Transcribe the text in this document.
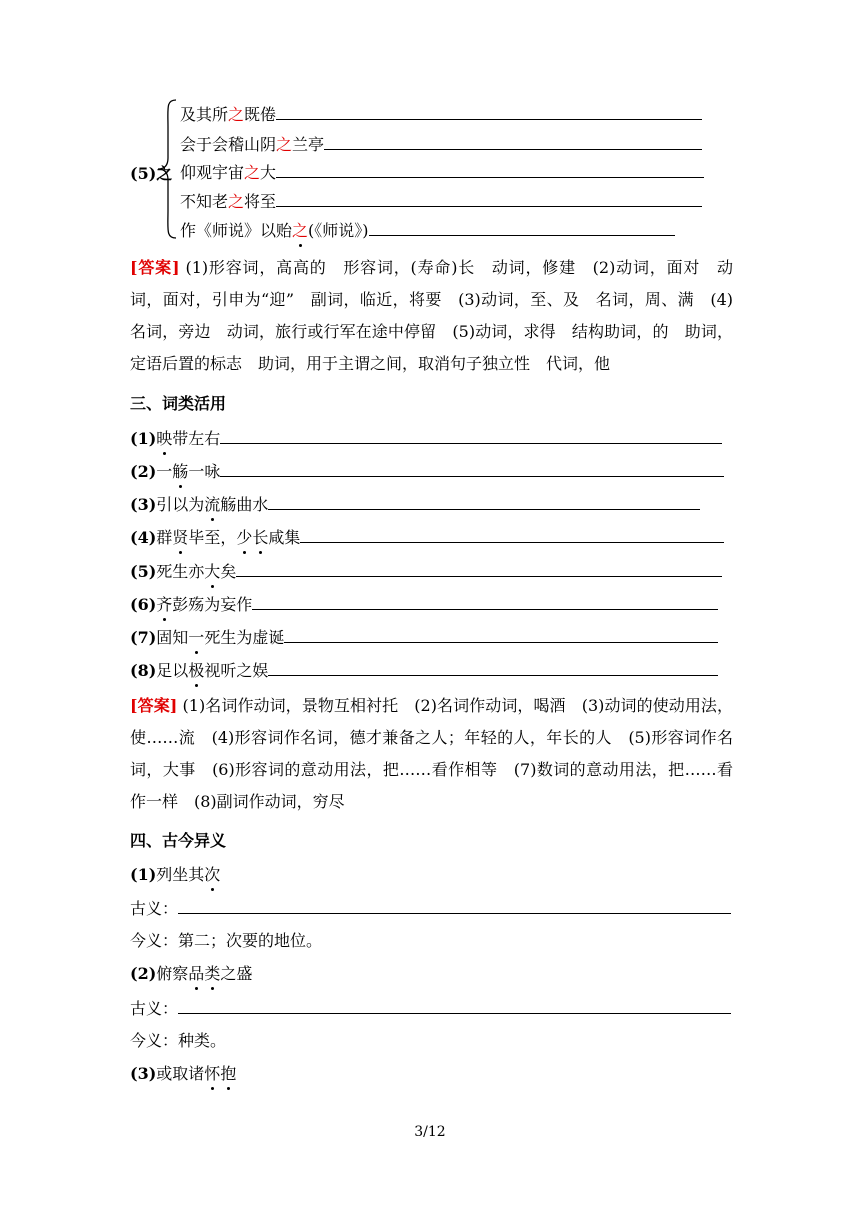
(5)之
及其所之既倦
会于会稽山阴之兰亭
仰观宇宙之大
不知老之将至
作《师说》以贻之(《师说》)
[答案] (1)形容词，高高的　形容词，(寿命)长　动词，修建　(2)动词，面对　动词，面对，引申为“迎”　副词，临近，将要　(3)动词，至、及　名词，周、满　(4)名词，旁边　动词，旅行或行军在途中停留　(5)动词，求得　结构助词，的　助词，定语后置的标志　助词，用于主谓之间，取消句子独立性　代词，他
三、词类活用
(1)映带左右
(2)一觞一咏
(3)引以为流觞曲水
(4)群贤毕至，少长咸集
(5)死生亦大矣
(6)齐彭殇为妄作
(7)固知一死生为虚诞
(8)足以极视听之娱
[答案] (1)名词作动词，景物互相衬托　(2)名词作动词，喝酒　(3)动词的使动用法，使……流　(4)形容词作名词，德才兼备之人；年轻的人，年长的人　(5)形容词作名词，大事　(6)形容词的意动用法，把……看作相等　(7)数词的意动用法，把……看作一样　(8)副词作动词，穷尽
四、古今异义
(1)列坐其次
古义：
今义：第二；次要的地位。
(2)俯察品类之盛
古义：
今义：种类。
(3)或取诸怀抱
3/12
